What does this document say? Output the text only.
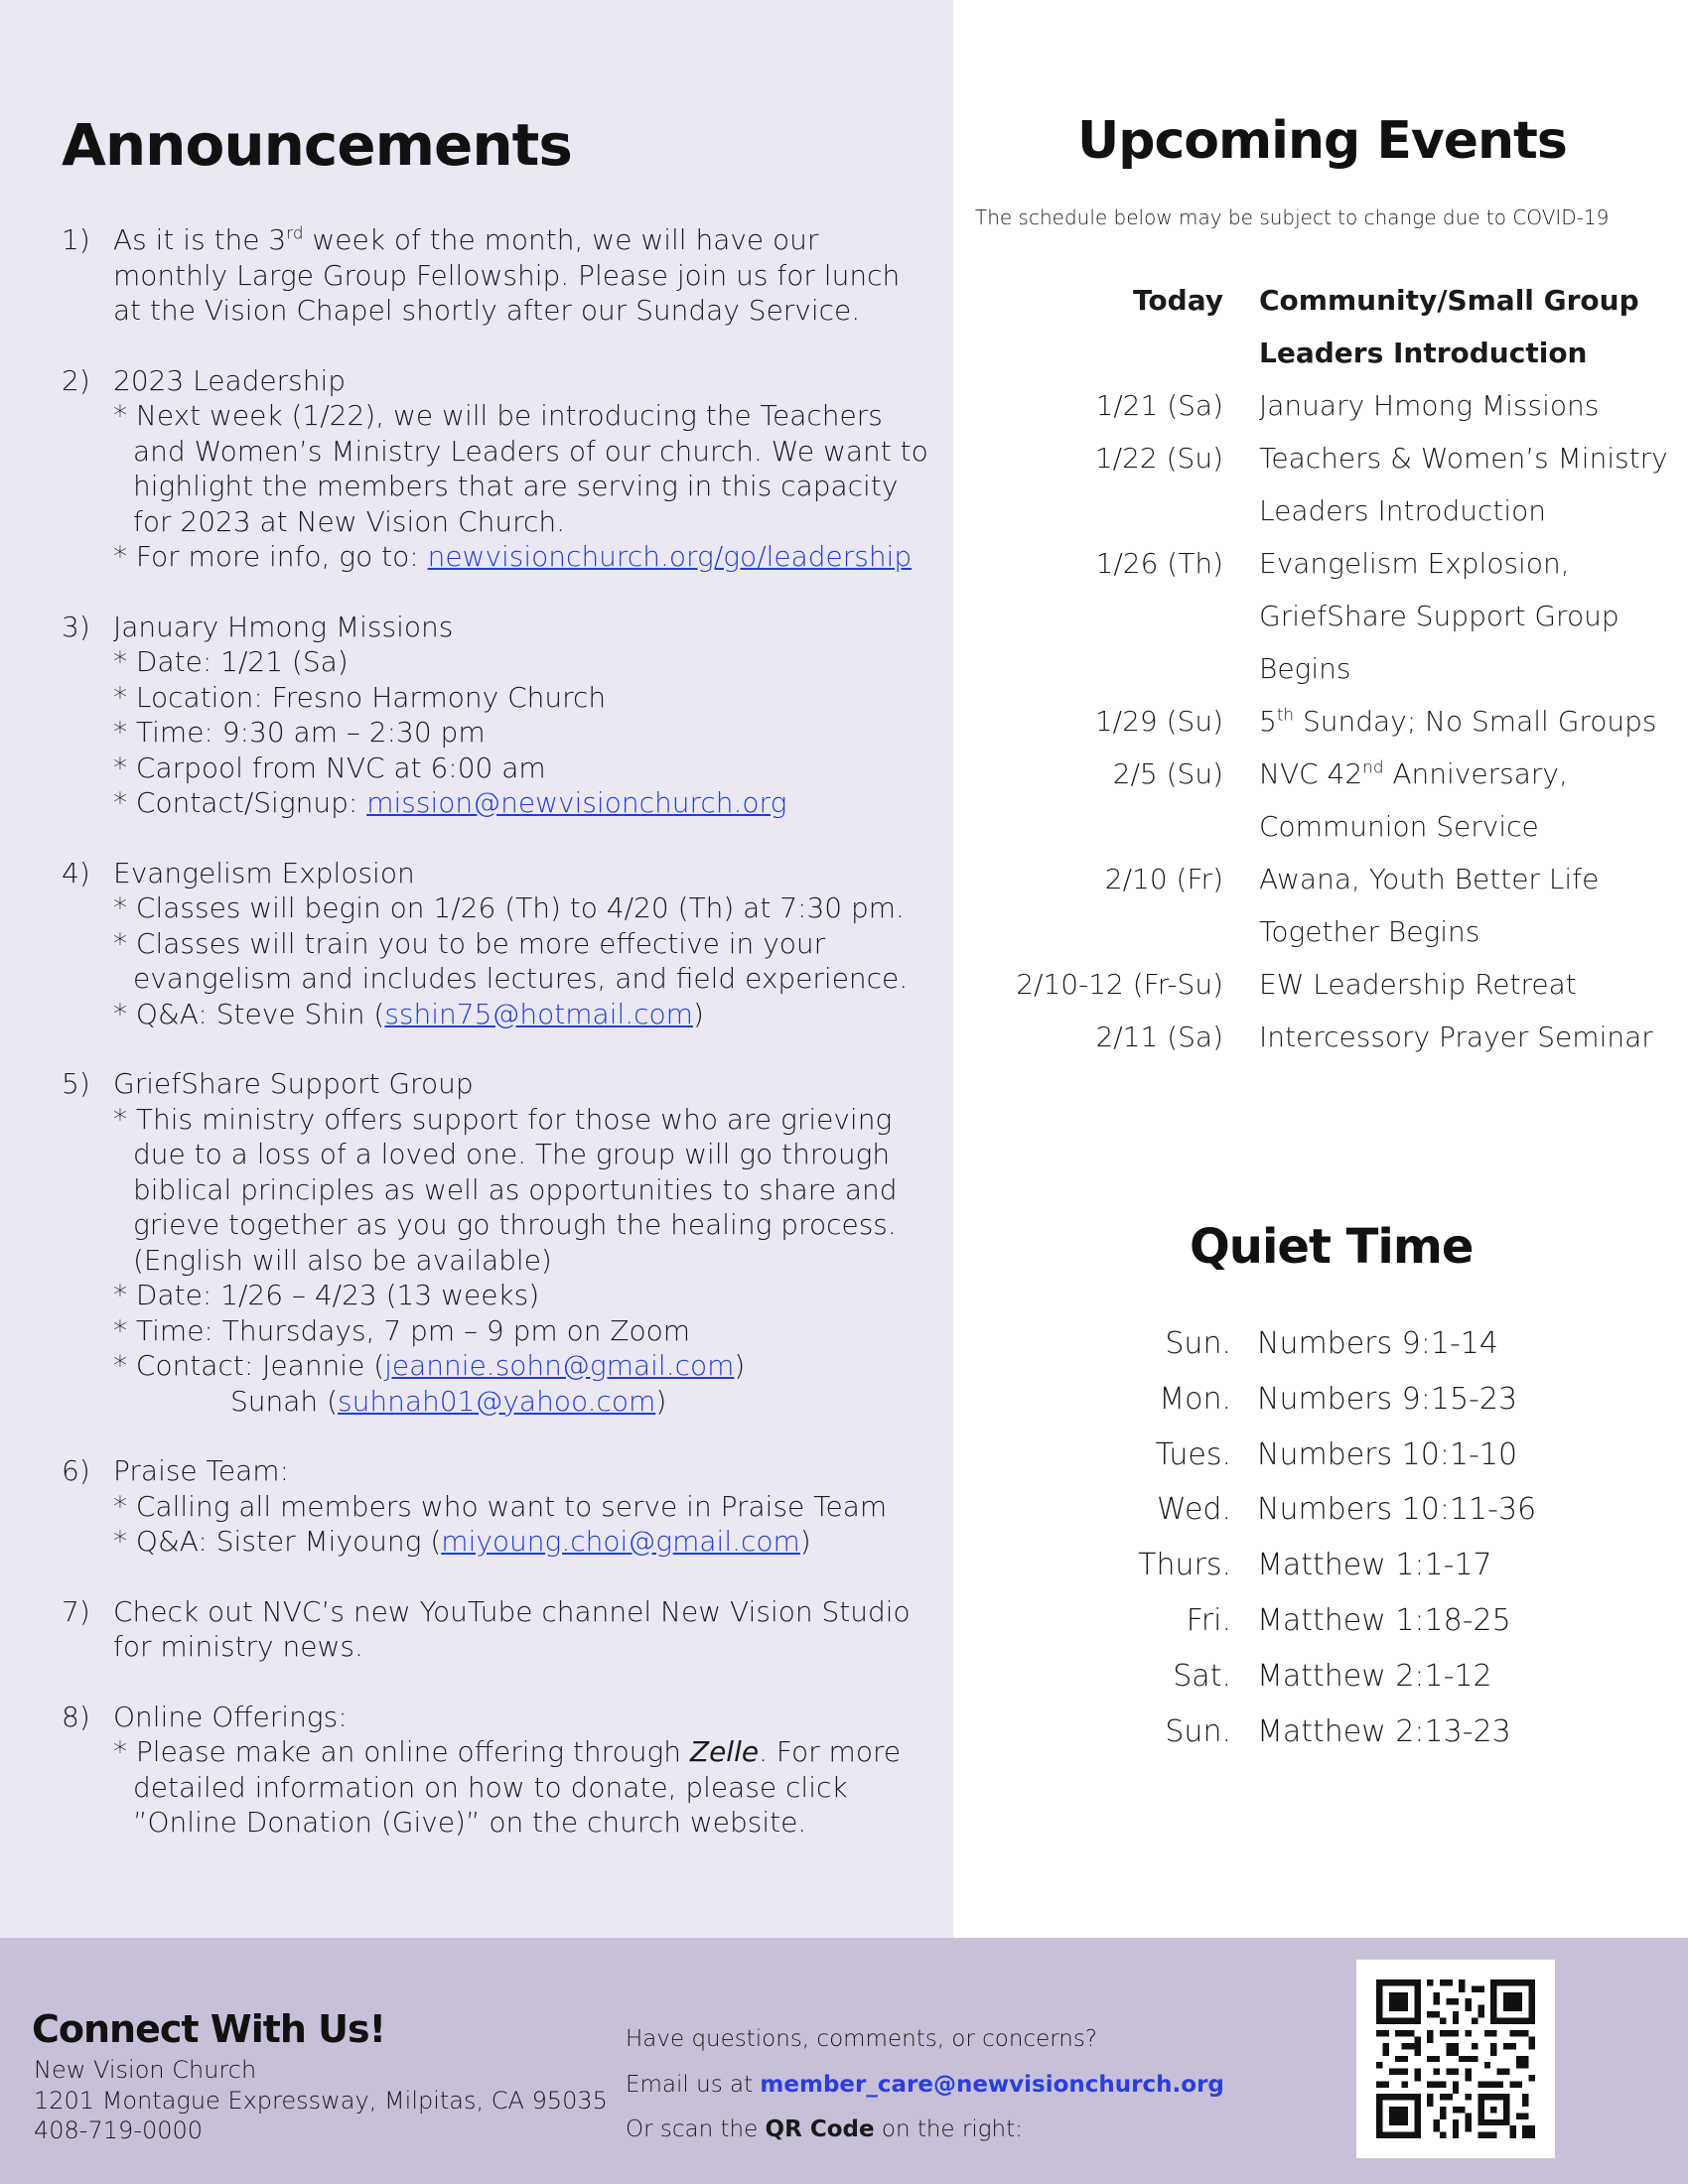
Announcements
1) As it is the 3rd week of the month, we will have our monthly Large Group Fellowship. Please join us for lunch at the Vision Chapel shortly after our Sunday Service.
2) 2023 Leadership
* Next week (1/22), we will be introducing the Teachers and Women’s Ministry Leaders of our church. We want to highlight the members that are serving in this capacity for 2023 at New Vision Church.
* For more info, go to: newvisionchurch.org/go/leadership
3) January Hmong Missions
* Date: 1/21 (Sa)
* Location: Fresno Harmony Church
* Time: 9:30 am – 2:30 pm
* Carpool from NVC at 6:00 am
* Contact/Signup: mission@newvisionchurch.org
4) Evangelism Explosion
* Classes will begin on 1/26 (Th) to 4/20 (Th) at 7:30 pm.
* Classes will train you to be more effective in your evangelism and includes lectures, and field experience.
* Q&A: Steve Shin (sshin75@hotmail.com)
5) GriefShare Support Group
* This ministry offers support for those who are grieving due to a loss of a loved one. The group will go through biblical principles as well as opportunities to share and grieve together as you go through the healing process. (English will also be available)
* Date: 1/26 – 4/23 (13 weeks)
* Time: Thursdays, 7 pm – 9 pm on Zoom
* Contact: Jeannie (jeannie.sohn@gmail.com)
Sunah (suhnah01@yahoo.com)
6) Praise Team:
* Calling all members who want to serve in Praise Team
* Q&A: Sister Miyoung (miyoung.choi@gmail.com)
7) Check out NVC’s new YouTube channel New Vision Studio for ministry news.
8) Online Offerings:
* Please make an online offering through Zelle. For more detailed information on how to donate, please click ”Online Donation (Give)” on the church website.
Upcoming Events
The schedule below may be subject to change due to COVID-19
Today	Community/Small Group
Leaders Introduction
1/21 (Sa)	January Hmong Missions
1/22 (Su)	Teachers & Women’s Ministry
Leaders Introduction
1/26 (Th)	Evangelism Explosion,
GriefShare Support Group
Begins
1/29 (Su)	5th Sunday; No Small Groups
2/5 (Su)	NVC 42nd Anniversary,
Communion Service
2/10 (Fr)	Awana, Youth Better Life
Together Begins
2/10-12 (Fr-Su)	EW Leadership Retreat
2/11 (Sa)	Intercessory Prayer Seminar
Quiet Time
Sun. Numbers 9:1-14
Mon. Numbers 9:15-23
Tues. Numbers 10:1-10
Wed. Numbers 10:11-36
Thurs. Matthew 1:1-17
Fri. Matthew 1:18-25
Sat. Matthew 2:1-12
Sun. Matthew 2:13-23
Connect With Us!
New Vision Church
1201 Montague Expressway, Milpitas, CA 95035
408-719-0000
Have questions, comments, or concerns?
Email us at member_care@newvisionchurch.org
Or scan the QR Code on the right:
